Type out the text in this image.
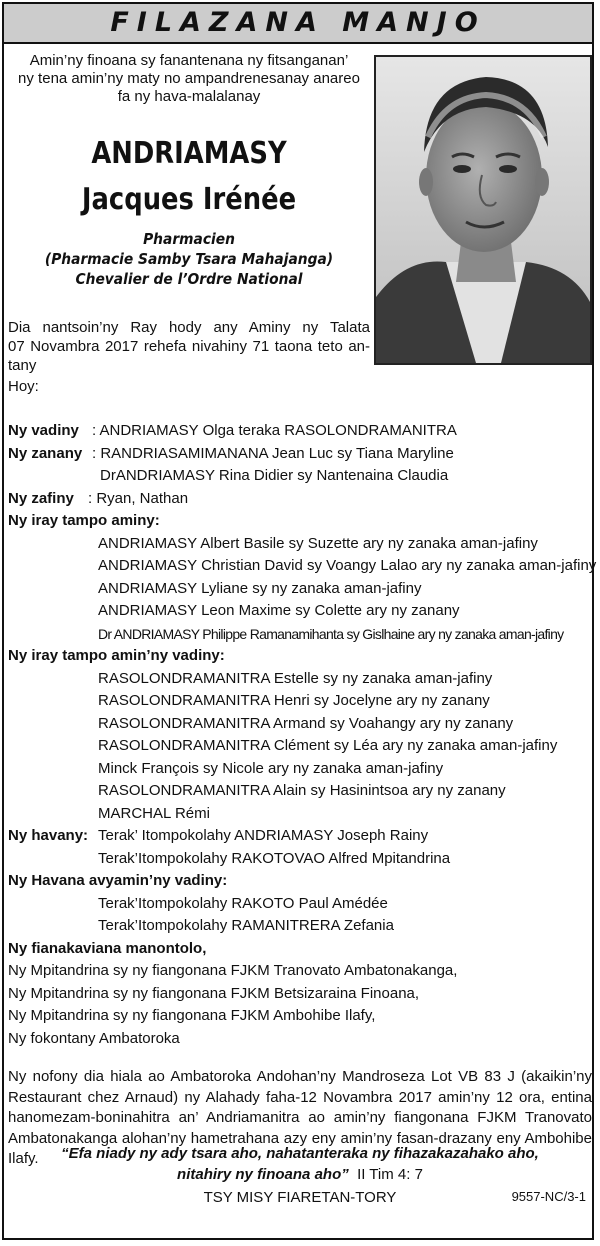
FILAZANA MANJO
Amin’ny finoana sy fanantenana ny fitsanganan’
ny tena amin’ny maty no ampandrenesanay anareo
fa ny hava-malalanay
ANDRIAMASY
Jacques Irénée
Pharmacien
(Pharmacie Samby Tsara Mahajanga)
Chevalier de l’Ordre National
Dia nantsoin’ny Ray hody any Aminy ny Talata
07 Novambra 2017 rehefa nivahiny 71 taona teto an-tany
Hoy:
Ny vadiny : ANDRIAMASY Olga teraka RASOLONDRAMANITRA
Ny zanany : RANDRIASAMIMANANA Jean Luc sy Tiana Maryline
DrANDRIAMASY Rina Didier sy Nantenaina Claudia
Ny zafiny : Ryan, Nathan
Ny iray tampo aminy:
ANDRIAMASY Albert Basile sy Suzette ary ny zanaka aman-jafiny
ANDRIAMASY Christian David sy Voangy Lalao ary ny zanaka aman-jafiny
ANDRIAMASY Lyliane sy ny zanaka aman-jafiny
ANDRIAMASY Leon Maxime sy Colette ary ny zanany
Dr ANDRIAMASY Philippe Ramanamihanta sy Gislhaine ary ny zanaka aman-jafiny
Ny iray tampo amin’ny vadiny:
RASOLONDRAMANITRA Estelle sy ny zanaka aman-jafiny
RASOLONDRAMANITRA Henri sy Jocelyne ary ny zanany
RASOLONDRAMANITRA Armand sy Voahangy ary ny zanany
RASOLONDRAMANITRA Clément sy Léa ary ny zanaka aman-jafiny
Minck François sy Nicole ary ny zanaka aman-jafiny
RASOLONDRAMANITRA Alain sy Hasinintsoa ary ny zanany
MARCHAL Rémi
Ny havany: Terak’ Itompokolahy ANDRIAMASY Joseph Rainy
Terak’Itompokolahy RAKOTOVAO Alfred Mpitandrina
Ny Havana avyamin’ny vadiny:
Terak’Itompokolahy RAKOTO Paul Amédée
Terak’Itompokolahy RAMANITRERA Zefania
Ny fianakaviana manontolo,
Ny Mpitandrina sy ny fiangonana FJKM Tranovato Ambatonakanga,
Ny Mpitandrina sy ny fiangonana FJKM Betsizaraina Finoana,
Ny Mpitandrina sy ny fiangonana FJKM Ambohibe Ilafy,
Ny fokontany Ambatoroka
Ny nofony dia hiala ao Ambatoroka Andohan’ny Mandroseza Lot VB 83 J (akaikin’ny Restaurant chez Arnaud) ny Alahady faha-12 Novambra 2017 amin’ny 12 ora, entina hanomezam-boninahitra an’ Andriamanitra ao amin’ny fiangonana FJKM Tranovato Ambatonakanga alohan’ny hametrahana azy eny amin’ny fasan-drazany eny Ambohibe Ilafy.	“Efa niady ny ady tsara aho, nahatanteraka ny fihazakazahako aho,
nitahiry ny finoana aho” II Tim 4: 7
TSY MISY FIARETAN-TORY	9557-NC/3-1
